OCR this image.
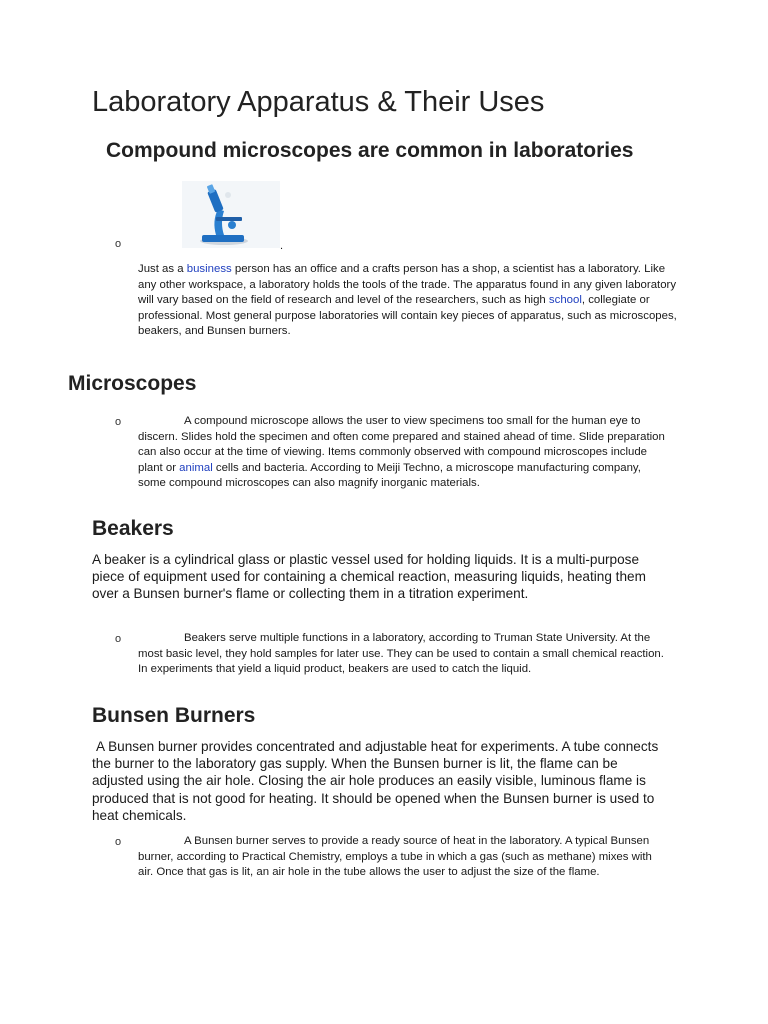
Laboratory Apparatus & Their Uses
Compound microscopes are common in laboratories
o	.
Just as a business person has an office and a crafts person has a shop, a scientist has a laboratory. Like any other workspace, a laboratory holds the tools of the trade. The apparatus found in any given laboratory will vary based on the field of research and level of the researchers, such as high school, collegiate or professional. Most general purpose laboratories will contain key pieces of apparatus, such as microscopes, beakers, and Bunsen burners.
Microscopes
o	A compound microscope allows the user to view specimens too small for the human eye to discern. Slides hold the specimen and often come prepared and stained ahead of time. Slide preparation can also occur at the time of viewing. Items commonly observed with compound microscopes include plant or animal cells and bacteria. According to Meiji Techno, a microscope manufacturing company, some compound microscopes can also magnify inorganic materials.
Beakers
A beaker is a cylindrical glass or plastic vessel used for holding liquids. It is a multi-purpose piece of equipment used for containing a chemical reaction, measuring liquids, heating them over a Bunsen burner's flame or collecting them in a titration experiment.
o	Beakers serve multiple functions in a laboratory, according to Truman State University. At the most basic level, they hold samples for later use. They can be used to contain a small chemical reaction. In experiments that yield a liquid product, beakers are used to catch the liquid.
Bunsen Burners
A Bunsen burner provides concentrated and adjustable heat for experiments. A tube connects the burner to the laboratory gas supply. When the Bunsen burner is lit, the flame can be adjusted using the air hole. Closing the air hole produces an easily visible, luminous flame is produced that is not good for heating. It should be opened when the Bunsen burner is used to heat chemicals.
o	A Bunsen burner serves to provide a ready source of heat in the laboratory. A typical Bunsen burner, according to Practical Chemistry, employs a tube in which a gas (such as methane) mixes with air. Once that gas is lit, an air hole in the tube allows the user to adjust the size of the flame.
